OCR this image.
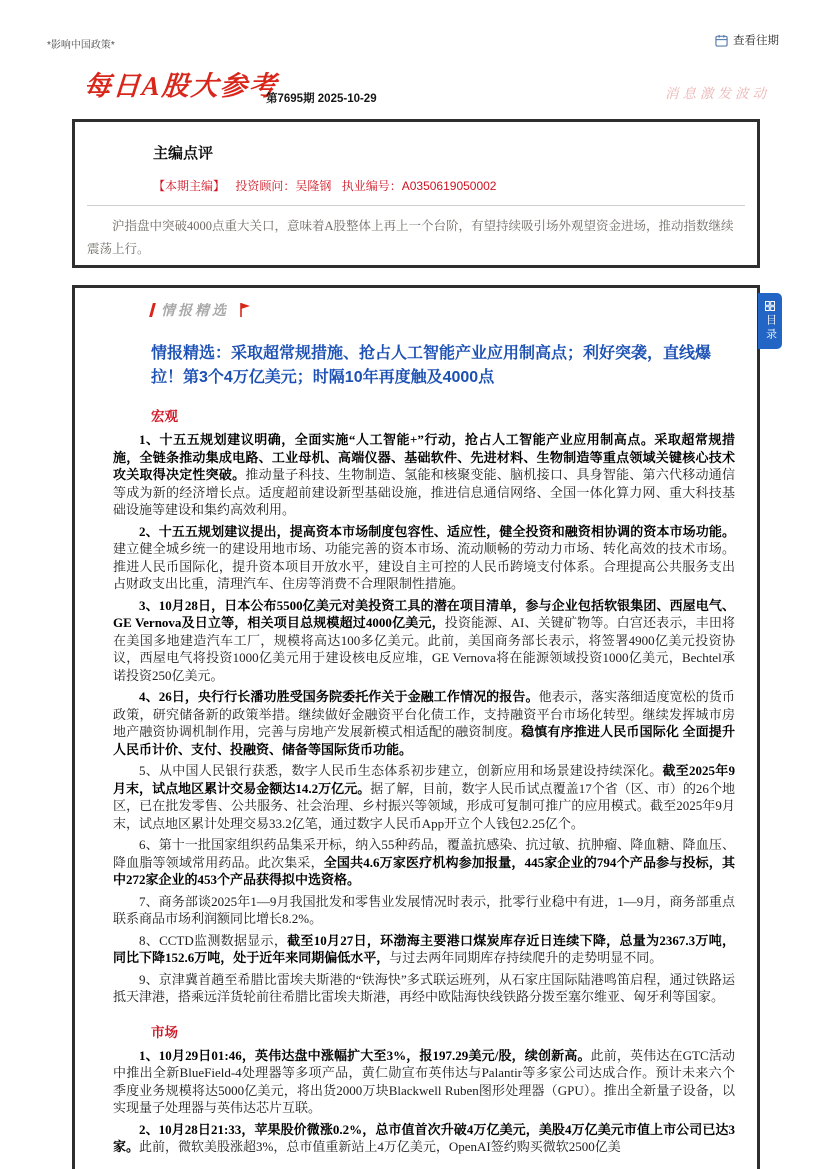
*影响中国政策*	查看往期
每日A股大参考
第7695期 2025-10-29	消息激发波动
主编点评
【本期主编】 投资顾问：吴隆钢 执业编号：A0350619050002

沪指盘中突破4000点重大关口，意味着A股整体上再上一个台阶，有望持续吸引场外观望资金进场，推动指数继续震荡上行。

情报精选
情报精选：采取超常规措施、抢占人工智能产业应用制高点；利好突袭，直线爆拉！第3个4万亿美元；时隔10年再度触及4000点
宏观

1、十五五规划建议明确，全面实施“人工智能+”行动，抢占人工智能产业应用制高点。采取超常规措施，全链条推动集成电路、工业母机、高端仪器、基础软件、先进材料、生物制造等重点领域关键核心技术攻关取得决定性突破。推动量子科技、生物制造、氢能和核聚变能、脑机接口、具身智能、第六代移动通信等成为新的经济增长点。适度超前建设新型基础设施，推进信息通信网络、全国一体化算力网、重大科技基础设施等建设和集约高效利用。

2、十五五规划建议提出，提高资本市场制度包容性、适应性，健全投资和融资相协调的资本市场功能。建立健全城乡统一的建设用地市场、功能完善的资本市场、流动顺畅的劳动力市场、转化高效的技术市场。推进人民币国际化，提升资本项目开放水平，建设自主可控的人民币跨境支付体系。合理提高公共服务支出占财政支出比重，清理汽车、住房等消费不合理限制性措施。

3、10月28日，日本公布5500亿美元对美投资工具的潜在项目清单，参与企业包括软银集团、西屋电气、GE Vernova及日立等，相关项目总规模超过4000亿美元，投资能源、AI、关键矿物等。白宫还表示，丰田将在美国多地建造汽车工厂，规模将高达100多亿美元。此前，美国商务部长表示，将签署4900亿美元投资协议，西屋电气将投资1000亿美元用于建设核电反应堆，GE Vernova将在能源领域投资1000亿美元，Bechtel承诺投资250亿美元。

4、26日，央行行长潘功胜受国务院委托作关于金融工作情况的报告。他表示，落实落细适度宽松的货币政策，研究储备新的政策举措。继续做好金融资平台化债工作，支持融资平台市场化转型。继续发挥城市房地产融资协调机制作用，完善与房地产发展新模式相适配的融资制度。稳慎有序推进人民币国际化 全面提升人民币计价、支付、投融资、储备等国际货币功能。

5、从中国人民银行获悉，数字人民币生态体系初步建立，创新应用和场景建设持续深化。截至2025年9月末，试点地区累计交易金额达14.2万亿元。据了解，目前，数字人民币试点覆盖17个省（区、市）的26个地区，已在批发零售、公共服务、社会治理、乡村振兴等领域，形成可复制可推广的应用模式。截至2025年9月末，试点地区累计处理交易33.2亿笔，通过数字人民币App开立个人钱包2.25亿个。

6、第十一批国家组织药品集采开标，纳入55种药品，覆盖抗感染、抗过敏、抗肿瘤、降血糖、降血压、降血脂等领域常用药品。此次集采，全国共4.6万家医疗机构参加报量，445家企业的794个产品参与投标，其中272家企业的453个产品获得拟中选资格。

7、商务部谈2025年1—9月我国批发和零售业发展情况时表示，批零行业稳中有进，1—9月，商务部重点联系商品市场利润额同比增长8.2%。

8、CCTD监测数据显示，截至10月27日，环渤海主要港口煤炭库存近日连续下降，总量为2367.3万吨，同比下降152.6万吨，处于近年来同期偏低水平，与过去两年同期库存持续爬升的走势明显不同。

9、京津冀首趟至希腊比雷埃夫斯港的“铁海快”多式联运班列，从石家庄国际陆港鸣笛启程，通过铁路运抵天津港，搭乘远洋货轮前往希腊比雷埃夫斯港，再经中欧陆海快线铁路分拨至塞尔维亚、匈牙利等国家。

市场

1、10月29日01:46，英伟达盘中涨幅扩大至3%，报197.29美元/股，续创新高。此前，英伟达在GTC活动中推出全新BlueField-4处理器等多项产品，黄仁勋宣布英伟达与Palantir等多家公司达成合作。预计未来六个季度业务规模将达5000亿美元，将出货2000万块Blackwell Ruben图形处理器（GPU）。推出全新量子设备，以实现量子处理器与英伟达芯片互联。

2、10月28日21:33，苹果股价微涨0.2%，总市值首次升破4万亿美元，美股4万亿美元市值上市公司已达3家。此前，微软美股涨超3%，总市值重新站上4万亿美元，OpenAI签约购买微软2500亿美

目录
